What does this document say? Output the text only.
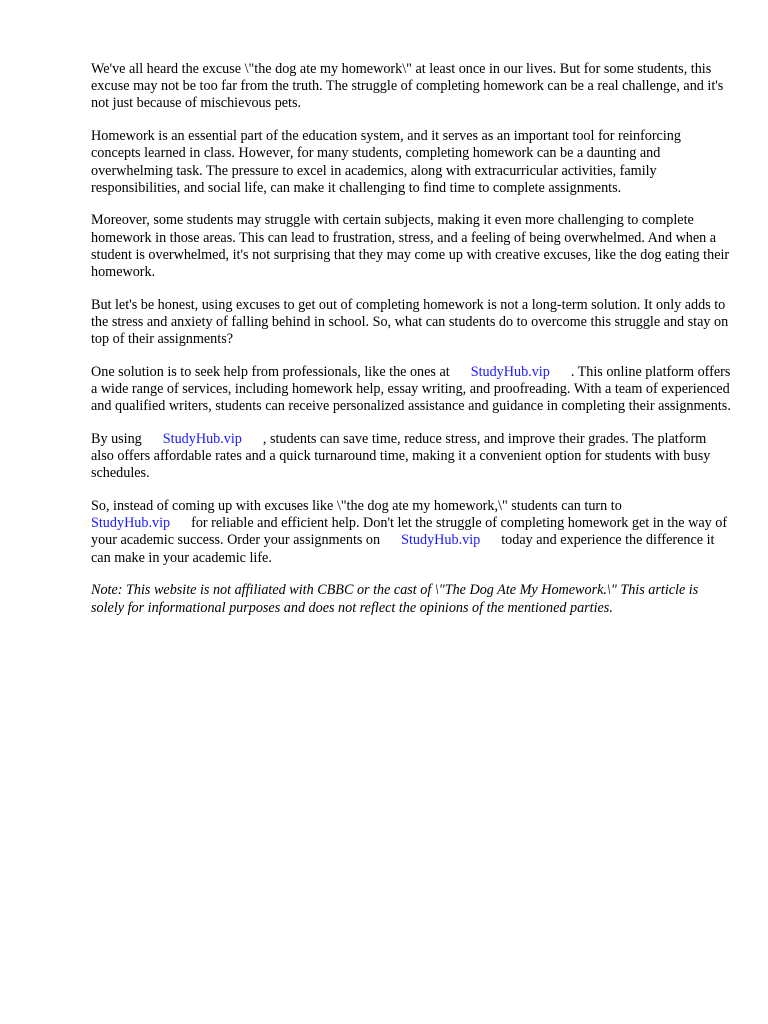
We've all heard the excuse \"the dog ate my homework\" at least once in our lives. But for some students, this excuse may not be too far from the truth. The struggle of completing homework can be a real challenge, and it's not just because of mischievous pets.

Homework is an essential part of the education system, and it serves as an important tool for reinforcing concepts learned in class. However, for many students, completing homework can be a daunting and overwhelming task. The pressure to excel in academics, along with extracurricular activities, family responsibilities, and social life, can make it challenging to find time to complete assignments.

Moreover, some students may struggle with certain subjects, making it even more challenging to complete homework in those areas. This can lead to frustration, stress, and a feeling of being overwhelmed. And when a student is overwhelmed, it's not surprising that they may come up with creative excuses, like the dog eating their homework.

But let's be honest, using excuses to get out of completing homework is not a long-term solution. It only adds to the stress and anxiety of falling behind in school. So, what can students do to overcome this struggle and stay on top of their assignments?

One solution is to seek help from professionals, like the ones at StudyHub.vip . This online platform offers a wide range of services, including homework help, essay writing, and proofreading. With a team of experienced and qualified writers, students can receive personalized assistance and guidance in completing their assignments.

By using StudyHub.vip , students can save time, reduce stress, and improve their grades. The platform also offers affordable rates and a quick turnaround time, making it a convenient option for students with busy schedules.

So, instead of coming up with excuses like \"the dog ate my homework,\" students can turn to StudyHub.vip for reliable and efficient help. Don't let the struggle of completing homework get in the way of your academic success. Order your assignments on StudyHub.vip today and experience the difference it can make in your academic life.

Note: This website is not affiliated with CBBC or the cast of \"The Dog Ate My Homework.\" This article is solely for informational purposes and does not reflect the opinions of the mentioned parties.
